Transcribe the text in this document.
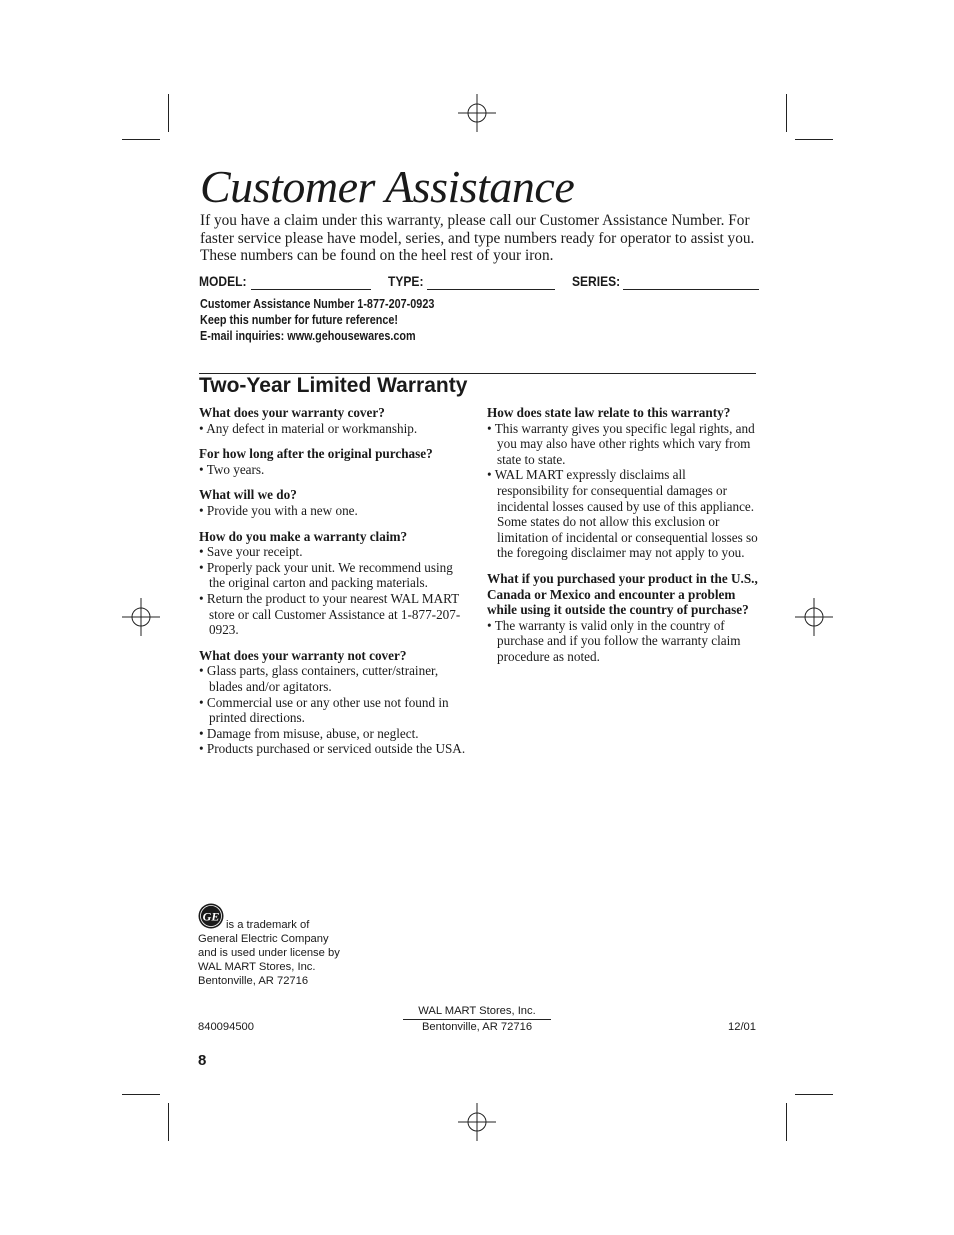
Customer Assistance
If you have a claim under this warranty, please call our Customer Assistance Number. For faster service please have model, series, and type numbers ready for operator to assist you. These numbers can be found on the heel rest of your iron.
MODEL:	TYPE:	SERIES:
Customer Assistance Number 1-877-207-0923
Keep this number for future reference!
E-mail inquiries: www.gehousewares.com
Two-Year Limited Warranty

What does your warranty cover?

• Any defect in material or workmanship.

For how long after the original purchase?

• Two years.

What will we do?

• Provide you with a new one.

How do you make a warranty claim?

• Save your receipt.
• Properly pack your unit. We recommend using the original carton and packing materials.
• Return the product to your nearest WAL MART store or call Customer Assistance at 1-877-207-0923.

What does your warranty not cover?

• Glass parts, glass containers, cutter/strainer, blades and/or agitators.
• Commercial use or any other use not found in printed directions.
• Damage from misuse, abuse, or neglect.
• Products purchased or serviced outside the USA.

How does state law relate to this warranty?

• This warranty gives you specific legal rights, and you may also have other rights which vary from state to state.
• WAL MART expressly disclaims all responsibility for consequential damages or incidental losses caused by use of this appliance. Some states do not allow this exclusion or limitation of incidental or consequential losses so the foregoing disclaimer may not apply to you.

What if you purchased your product in the U.S., Canada or Mexico and encounter a problem while using it outside the country of purchase?

• The warranty is valid only in the country of purchase and if you follow the warranty claim procedure as noted.
GE
is a trademark of
General Electric Company
and is used under license by
WAL MART Stores, Inc.
Bentonville, AR 72716
WAL MART Stores, Inc.
840094500	Bentonville, AR 72716	12/01
8
